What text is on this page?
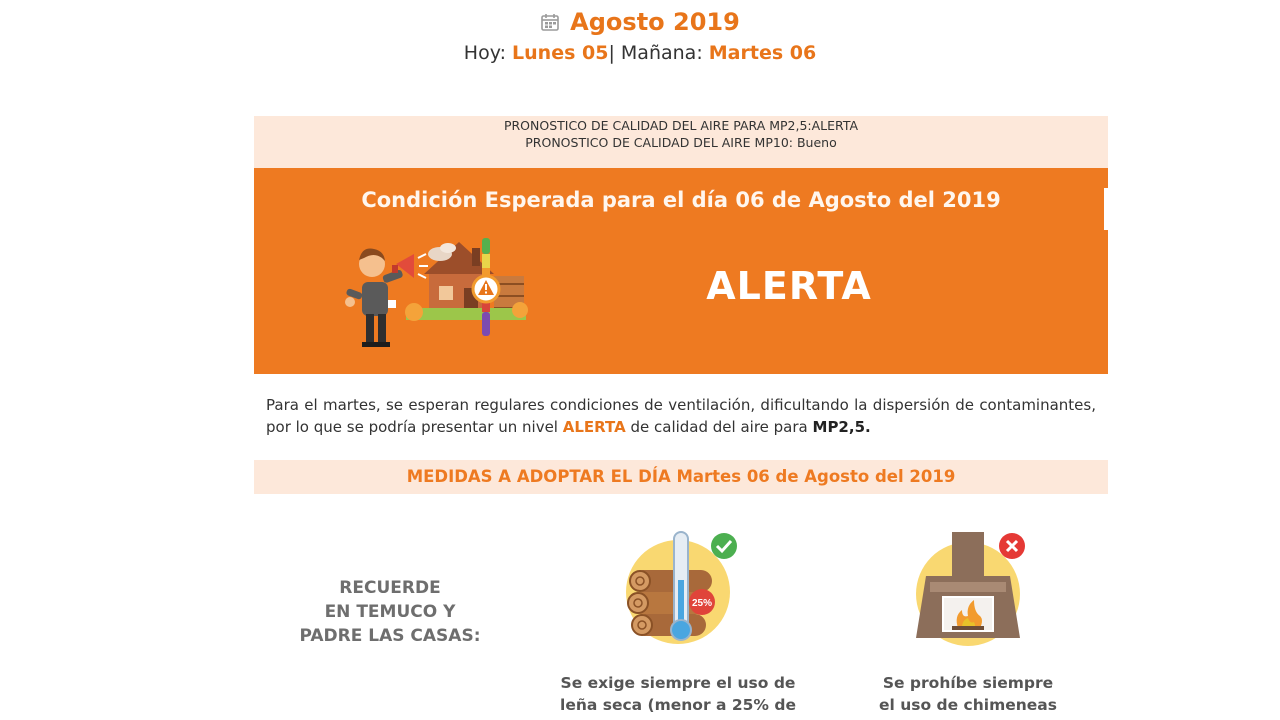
Agosto 2019
Hoy: Lunes 05| Mañana: Martes 06
PRONOSTICO DE CALIDAD DEL AIRE PARA MP2,5:ALERTA
PRONOSTICO DE CALIDAD DEL AIRE MP10: Bueno
Condición Esperada para el día 06 de Agosto del 2019
ALERTA
Para el martes, se esperan regulares condiciones de ventilación, dificultando la dispersión de contaminantes, por lo que se podría presentar un nivel ALERTA de calidad del aire para MP2,5.
MEDIDAS A ADOPTAR EL DÍA Martes 06 de Agosto del 2019
RECUERDE
EN TEMUCO Y
PADRE LAS CASAS:
25%
Se exige siempre el uso de
leña seca (menor a 25% de
Se prohíbe siempre
el uso de chimeneas
